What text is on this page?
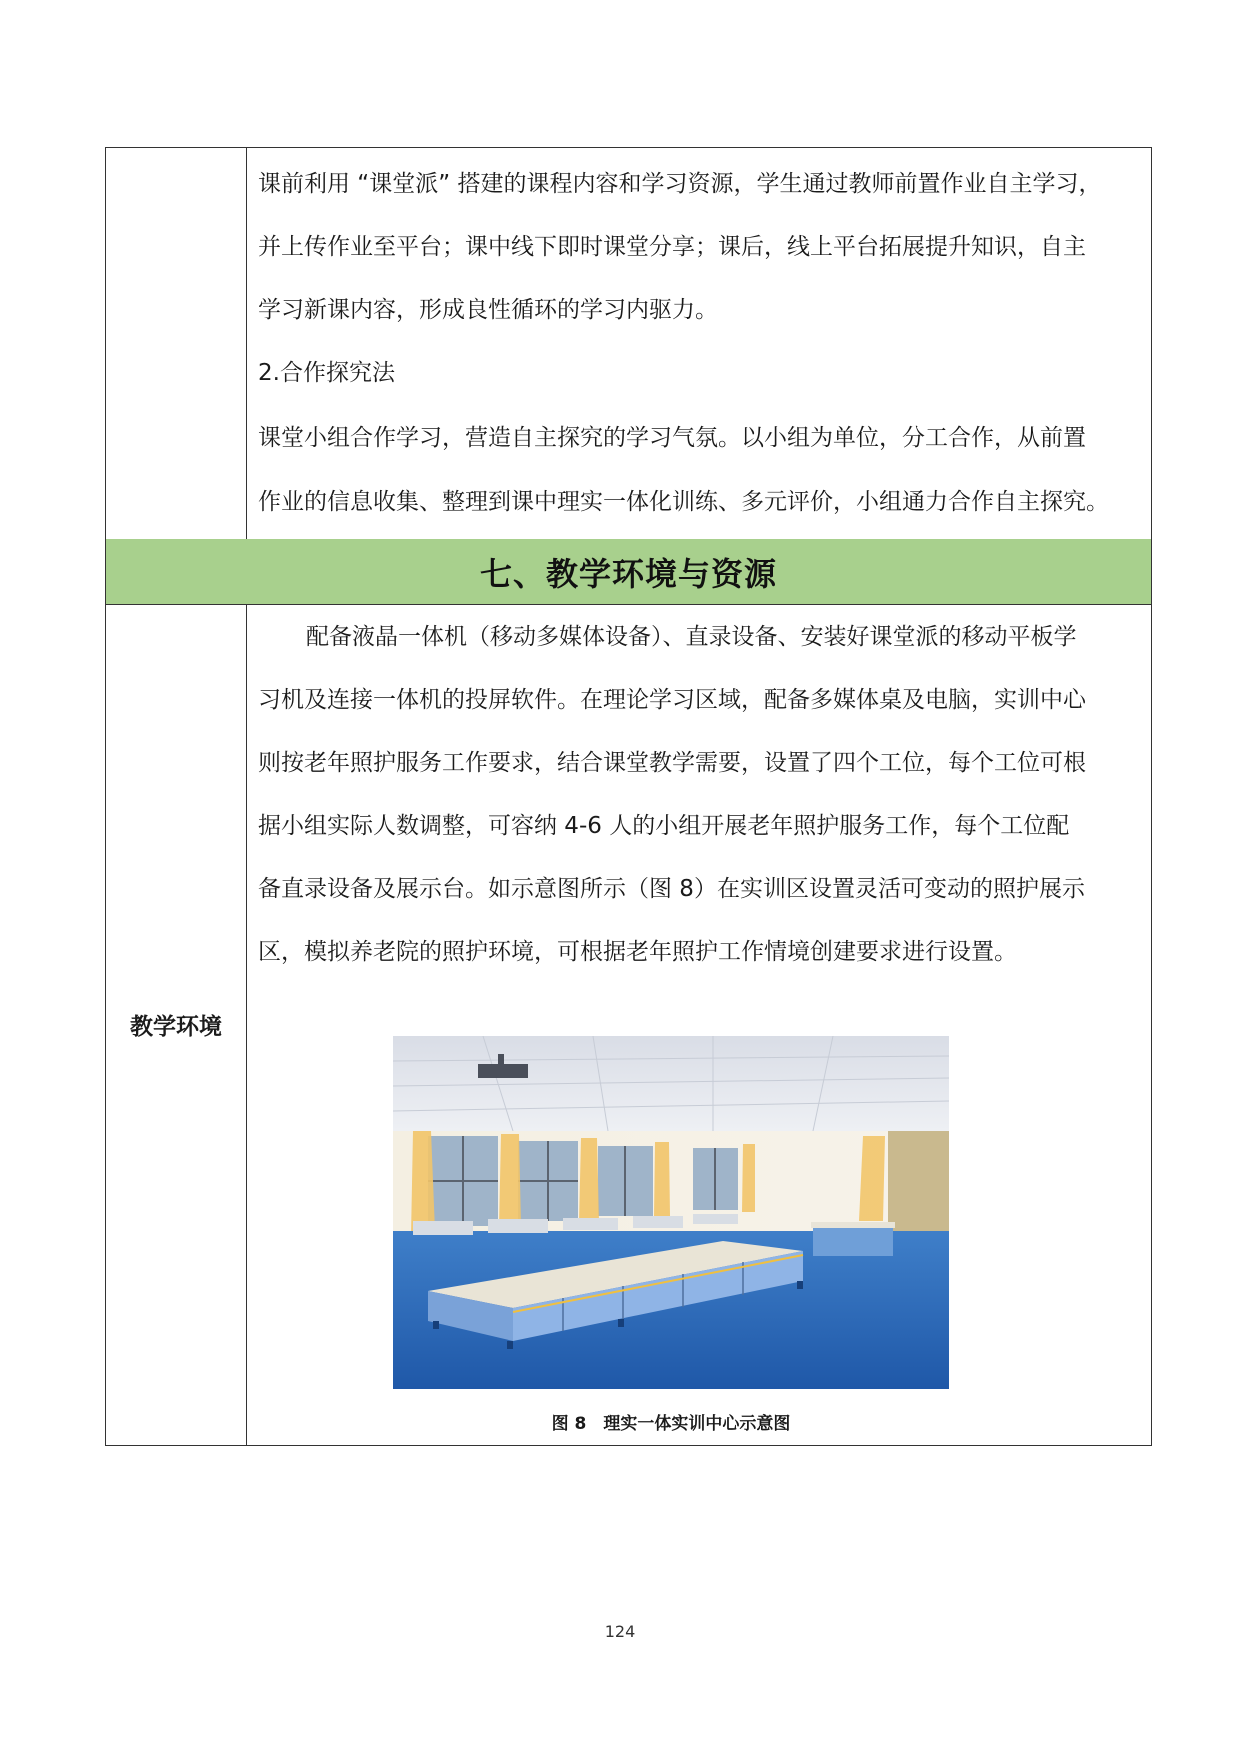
课前利用 “课堂派” 搭建的课程内容和学习资源，学生通过教师前置作业自主学习，
并上传作业至平台；课中线下即时课堂分享；课后，线上平台拓展提升知识，自主
学习新课内容，形成良性循环的学习内驱力。
2.合作探究法
课堂小组合作学习，营造自主探究的学习气氛。以小组为单位，分工合作，从前置
作业的信息收集、整理到课中理实一体化训练、多元评价，小组通力合作自主探究。
七、教学环境与资源
教学环境
配备液晶一体机（移动多媒体设备）、直录设备、安装好课堂派的移动平板学
习机及连接一体机的投屏软件。在理论学习区域，配备多媒体桌及电脑，实训中心
则按老年照护服务工作要求，结合课堂教学需要，设置了四个工位，每个工位可根
据小组实际人数调整，可容纳 4-6 人的小组开展老年照护服务工作，每个工位配
备直录设备及展示台。如示意图所示（图 8）在实训区设置灵活可变动的照护展示
区，模拟养老院的照护环境，可根据老年照护工作情境创建要求进行设置。
图 8　理实一体实训中心示意图
124
